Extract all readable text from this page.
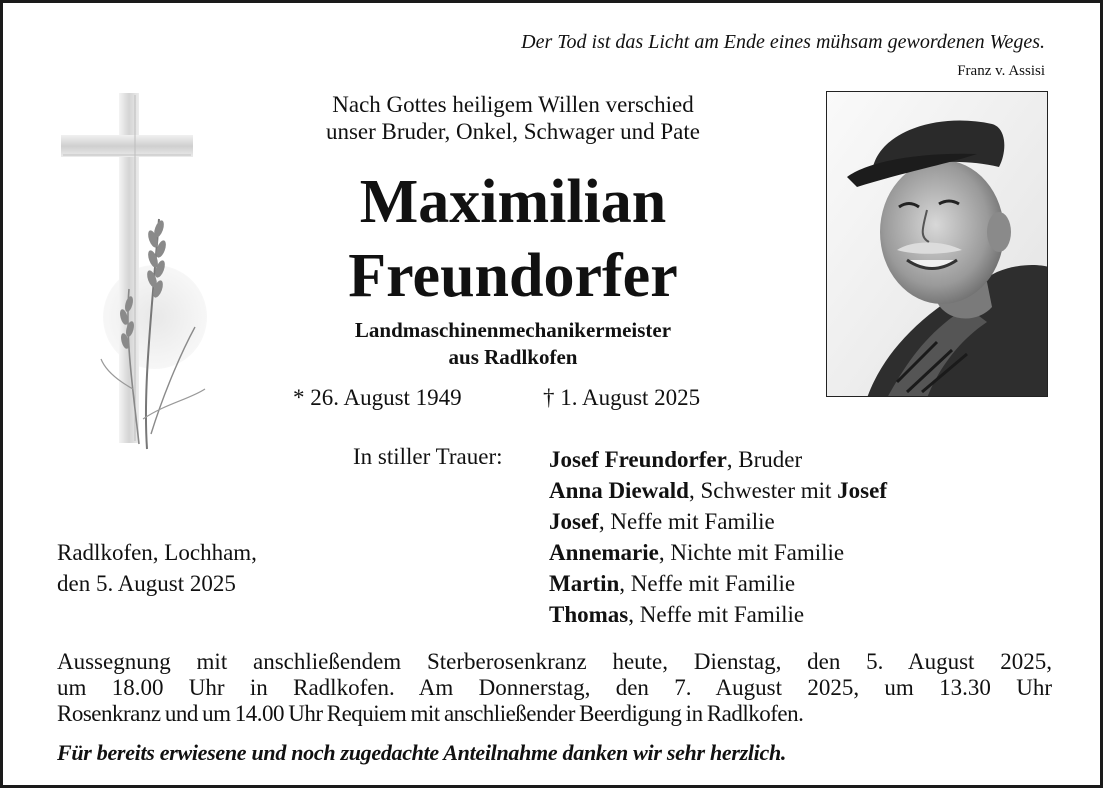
Der Tod ist das Licht am Ende eines mühsam gewordenen Weges.
Franz v. Assisi
Nach Gottes heiligem Willen verschied
unser Bruder, Onkel, Schwager und Pate
Maximilian
Freundorfer
Landmaschinenmechanikermeister
aus Radlkofen
* 26. August 1949	† 1. August 2025
In stiller Trauer: Josef Freundorfer, Bruder
Anna Diewald, Schwester mit Josef
Josef, Neffe mit Familie
Annemarie, Nichte mit Familie
Martin, Neffe mit Familie
Thomas, Neffe mit Familie
Radlkofen, Lochham,
den 5. August 2025
Aussegnung mit anschließendem Sterberosenkranz heute, Dienstag, den 5. August 2025,
um 18.00 Uhr in Radlkofen. Am Donnerstag, den 7. August 2025, um 13.30 Uhr
Rosenkranz und um 14.00 Uhr Requiem mit anschließender Beerdigung in Radlkofen.
Für bereits erwiesene und noch zugedachte Anteilnahme danken wir sehr herzlich.
